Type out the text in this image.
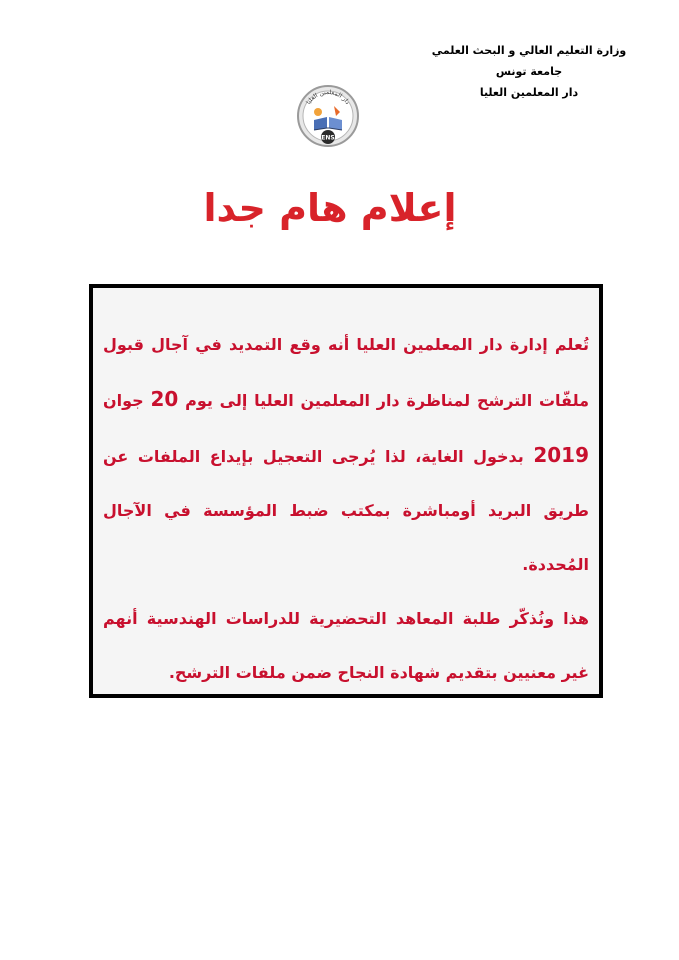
وزارة التعليم العالي و البحث العلمي
جامعة تونس
دار المعلمين العليا
دار المعلمين العليا
ENS
إعلام هام جدا

تُعلم إدارة دار المعلمين العليا أنه وقع التمديد في آجال قبول ملفّات الترشح لمناظرة دار المعلمين العليا إلى يوم 20 جوان 2019 بدخول الغاية، لذا يُرجى التعجيل بإيداع الملفات عن طريق البريد أومباشرة بمكتب ضبط المؤسسة في الآجال المُحددة.

هذا ونُذكّر طلبة المعاهد التحضيرية للدراسات الهندسية أنهم غير معنيين بتقديم شهادة النجاح ضمن ملفات الترشح.
